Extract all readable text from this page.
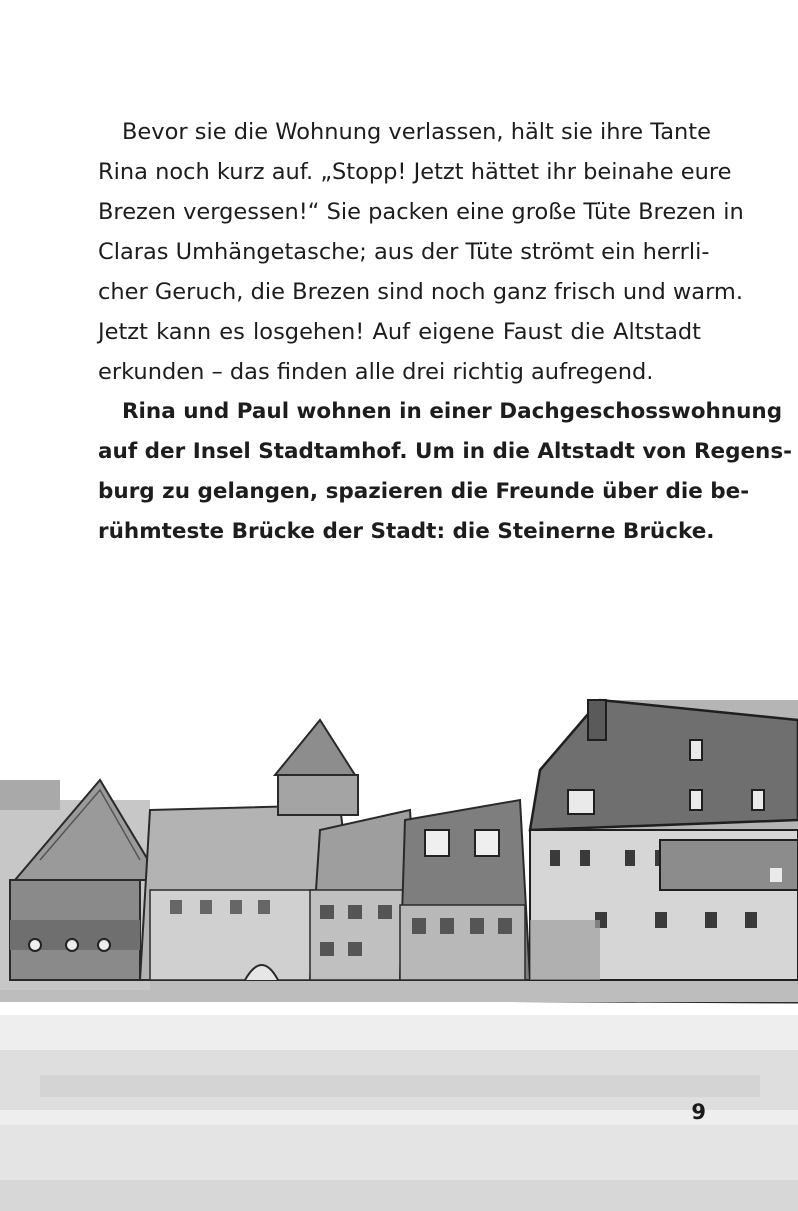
Bevor sie die Wohnung verlassen, hält sie ihre Tante
Rina noch kurz auf. „Stopp! Jetzt hättet ihr beinahe eure
Brezen vergessen!“ Sie packen eine große Tüte Brezen in
Claras Umhängetasche; aus der Tüte strömt ein herrli-
cher Geruch, die Brezen sind noch ganz frisch und warm.
Jetzt kann es losgehen! Auf eigene Faust die Altstadt
erkunden – das finden alle drei richtig aufregend.
Rina und Paul wohnen in einer Dachgeschosswohnung
auf der Insel Stadtamhof. Um in die Altstadt von Regens-
burg zu gelangen, spazieren die Freunde über die be-
rühmteste Brücke der Stadt: die Steinerne Brücke.
9
